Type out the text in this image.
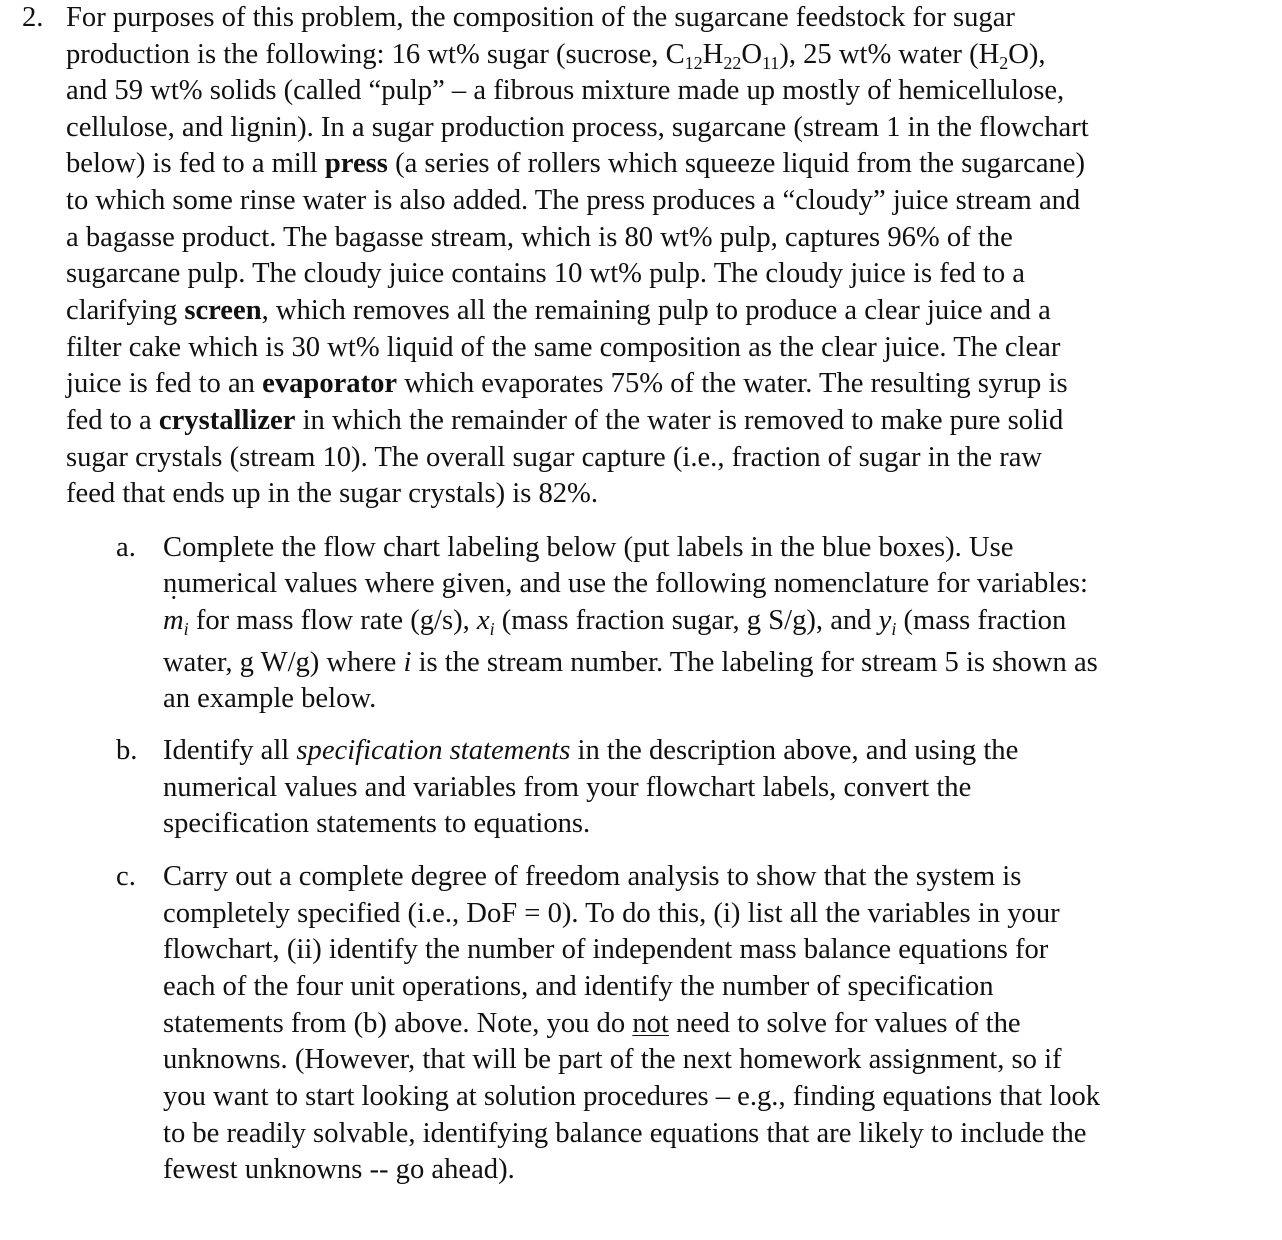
2. For purposes of this problem, the composition of the sugarcane feedstock for sugar
production is the following: 16 wt% sugar (sucrose, $C_{12}H_{22}O_{11}$), 25 wt% water $(H_2O)$,
and 59 wt% solids (called “pulp” – a fibrous mixture made up mostly of hemicellulose,
cellulose, and lignin). In a sugar production process, sugarcane (stream 1 in the flowchart
below) is fed to a mill press (a series of rollers which squeeze liquid from the sugarcane)
to which some rinse water is also added. The press produces a “cloudy” juice stream and
a bagasse product. The bagasse stream, which is 80 wt% pulp, captures 96% of the
sugarcane pulp. The cloudy juice contains 10 wt% pulp. The cloudy juice is fed to a
clarifying screen, which removes all the remaining pulp to produce a clear juice and a
filter cake which is 30 wt% liquid of the same composition as the clear juice. The clear
juice is fed to an evaporator which evaporates 75% of the water. The resulting syrup is
fed to a crystallizer in which the remainder of the water is removed to make pure solid
sugar crystals (stream 10). The overall sugar capture (i.e., fraction of sugar in the raw
feed that ends up in the sugar crystals) is 82%.
a. Complete the flow chart labeling below (put labels in the blue boxes). Use
numerical values where given, and use the following nomenclature for variables:
˙ $m_i$ for mass flow rate (g/s), $x_i$ (mass fraction sugar, g S/g), and $y_i$ (mass fraction
water, g W/g) where i is the stream number. The labeling for stream 5 is shown as
an example below.
b. Identify all specification statements in the description above, and using the
numerical values and variables from your flowchart labels, convert the
specification statements to equations.
c. Carry out a complete degree of freedom analysis to show that the system is
completely specified (i.e., DoF = 0). To do this, (i) list all the variables in your
flowchart, (ii) identify the number of independent mass balance equations for
each of the four unit operations, and identify the number of specification
statements from (b) above. Note, you do not need to solve for values of the
unknowns. (However, that will be part of the next homework assignment, so if
you want to start looking at solution procedures – e.g., finding equations that look
to be readily solvable, identifying balance equations that are likely to include the
fewest unknowns -- go ahead).
